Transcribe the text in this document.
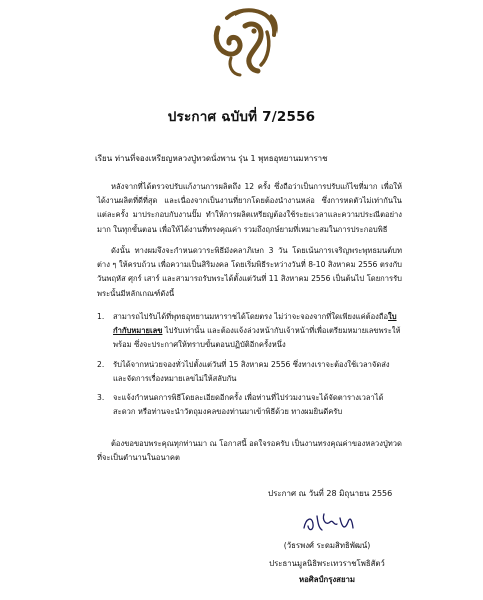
ประกาศ ฉบับที่ 7/2556
เรียน ท่านที่จองเหรียญหลวงปู่ทวดนั่งพาน รุ่น 1 พุทธอุทยานมหาราช

หลังจากที่ได้ตรวจปรับแก้งานการผลิตถึง 12 ครั้ง ซึ่งถือว่าเป็นการปรับแก้ไขที่มาก เพื่อให้ได้งานผลิตที่ดีที่สุด และเนื่องจากเป็นงานที่ยากโดยต้องนำงานหล่อ ซึ่งการหดตัวไม่เท่ากันในแต่ละครั้ง มาประกอบกับงานปั๊ม ทำให้การผลิตเหรียญต้องใช้ระยะเวลาและความประณีตอย่างมาก ในทุกขั้นตอน เพื่อให้ได้งานที่ทรงคุณค่า รวมถึงฤกษ์ยามที่เหมาะสมในการประกอบพิธี

ดังนั้น ทางผมจึงจะกำหนดวาระพิธีมังคลาภิเษก 3 วัน โดยเน้นการเจริญพระพุทธมนต์บทต่าง ๆ ให้ครบถ้วน เพื่อความเป็นสิริมงคล โดยเริ่มพิธีระหว่างวันที่ 8-10 สิงหาคม 2556 ตรงกับวันพฤหัส ศุกร์ เสาร์ และสามารถรับพระได้ตั้งแต่วันที่ 11 สิงหาคม 2556 เป็นต้นไป โดยการรับพระนั้นมีหลักเกณฑ์ดังนี้

1. สามารถไปรับได้ที่พุทธอุทยานมหาราชได้โดยตรง ไม่ว่าจะจองจากที่ใดเพียงแค่ต้องถือใบกำกับหมายเลข ไปรับเท่านั้น และต้องแจ้งล่วงหน้ากับเจ้าหน้าที่เพื่อเตรียมหมายเลขพระให้พร้อม ซึ่งจะประกาศให้ทราบขั้นตอนปฏิบัติอีกครั้งหนึ่ง
2. รับได้จากหน่วยจองทั่วไปตั้งแต่วันที่ 15 สิงหาคม 2556 ซึ่งทางเราจะต้องใช้เวลาจัดส่งและจัดการเรื่องหมายเลขไม่ให้สลับกัน
3. จะแจ้งกำหนดการพิธีโดยละเอียดอีกครั้ง เพื่อท่านที่ไปร่วมงานจะได้จัดตารางเวลาได้สะดวก หรือท่านจะนำวัตถุมงคลของท่านมาเข้าพิธีด้วย ทางผมยินดีครับ

ต้องขอขอบพระคุณทุกท่านมา ณ โอกาสนี้ อดใจรอครับ เป็นงานทรงคุณค่าของหลวงปู่ทวดที่จะเป็นตำนานในอนาคต

ประกาศ ณ วันที่ 28 มิถุนายน 2556
(วัธรพงศ์ ระดมสิทธิพัฒน์)
ประธานมูลนิธิพระเทวราชโพธิสัตว์
หอศิลป์กรุงสยาม
